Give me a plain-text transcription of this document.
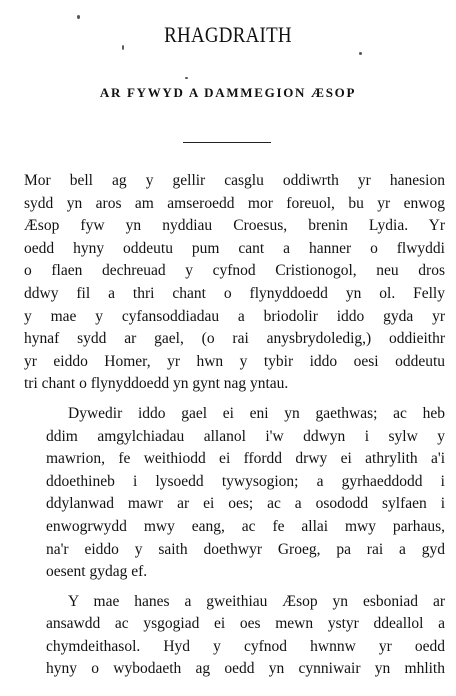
RHAGDRAITH
AR FYWYD A DAMMEGION ÆSOP
Mor bell ag y gellir casglu oddiwrth yr hanesion
sydd yn aros am amseroedd mor foreuol, bu yr enwog
Æsop fyw yn nyddiau Croesus, brenin Lydia. Yr
oedd hyny oddeutu pum cant a hanner o flwyddi
o flaen dechreuad y cyfnod Cristionogol, neu dros
ddwy fil a thri chant o flynyddoedd yn ol. Felly
y mae y cyfansoddiadau a briodolir iddo gyda yr
hynaf sydd ar gael, (o rai anysbrydoledig,) oddieithr
yr eiddo Homer, yr hwn y tybir iddo oesi oddeutu
tri chant o flynyddoedd yn gynt nag yntau.
Dywedir iddo gael ei eni yn gaethwas; ac heb
ddim amgylchiadau allanol i'w ddwyn i sylw y
mawrion, fe weithiodd ei ffordd drwy ei athrylith a'i
ddoethineb i lysoedd tywysogion; a gyrhaeddodd i
ddylanwad mawr ar ei oes; ac a osododd sylfaen i
enwogrwydd mwy eang, ac fe allai mwy parhaus,
na'r eiddo y saith doethwyr Groeg, pa rai a gyd
oesent gydag ef.
Y mae hanes a gweithiau Æsop yn esboniad ar
ansawdd ac ysgogiad ei oes mewn ystyr ddeallol a
chymdeithasol. Hyd y cyfnod hwnnw yr oedd
hyny o wybodaeth ag oedd yn cynniwair yn mhlith
